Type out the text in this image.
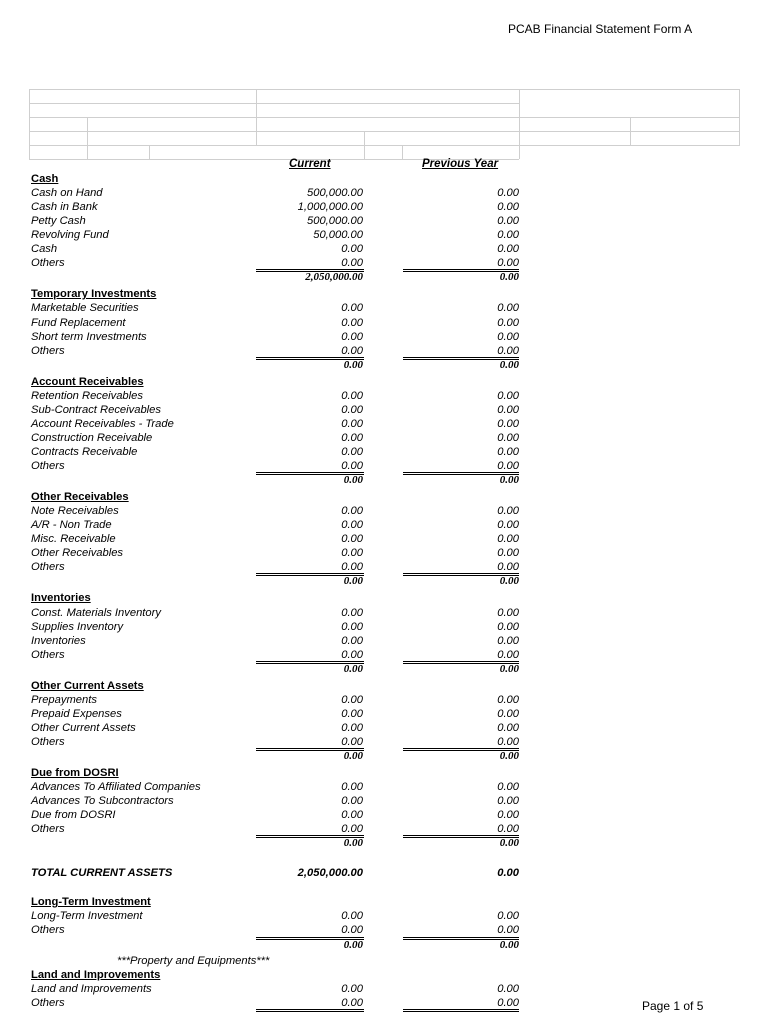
PCAB Financial Statement Form A
Current	Previous Year
Cash
Cash on Hand	500,000.00	0.00
Cash in Bank	1,000,000.00	0.00
Petty Cash	500,000.00	0.00
Revolving Fund	50,000.00	0.00
Cash	0.00	0.00
Others	0.00	0.00
2,050,000.00	0.00
Temporary Investments
Marketable Securities	0.00	0.00
Fund Replacement	0.00	0.00
Short term Investments	0.00	0.00
Others	0.00	0.00
0.00	0.00
Account Receivables
Retention Receivables	0.00	0.00
Sub-Contract Receivables	0.00	0.00
Account Receivables - Trade	0.00	0.00
Construction Receivable	0.00	0.00
Contracts Receivable	0.00	0.00
Others	0.00	0.00
0.00	0.00
Other Receivables
Note Receivables	0.00	0.00
A/R - Non Trade	0.00	0.00
Misc. Receivable	0.00	0.00
Other Receivables	0.00	0.00
Others	0.00	0.00
0.00	0.00
Inventories
Const. Materials Inventory	0.00	0.00
Supplies Inventory	0.00	0.00
Inventories	0.00	0.00
Others	0.00	0.00
0.00	0.00
Other Current Assets
Prepayments	0.00	0.00
Prepaid Expenses	0.00	0.00
Other Current Assets	0.00	0.00
Others	0.00	0.00
0.00	0.00
Due from DOSRI
Advances To Affiliated Companies	0.00	0.00
Advances To Subcontractors	0.00	0.00
Due from DOSRI	0.00	0.00
Others	0.00	0.00
0.00	0.00
TOTAL CURRENT ASSETS	2,050,000.00	0.00
Long-Term Investment
Long-Term Investment	0.00	0.00
Others	0.00	0.00
0.00	0.00
***Property and Equipments***
Land and Improvements
Land and Improvements	0.00	0.00
Others	0.00	0.00	Page 1 of 5
